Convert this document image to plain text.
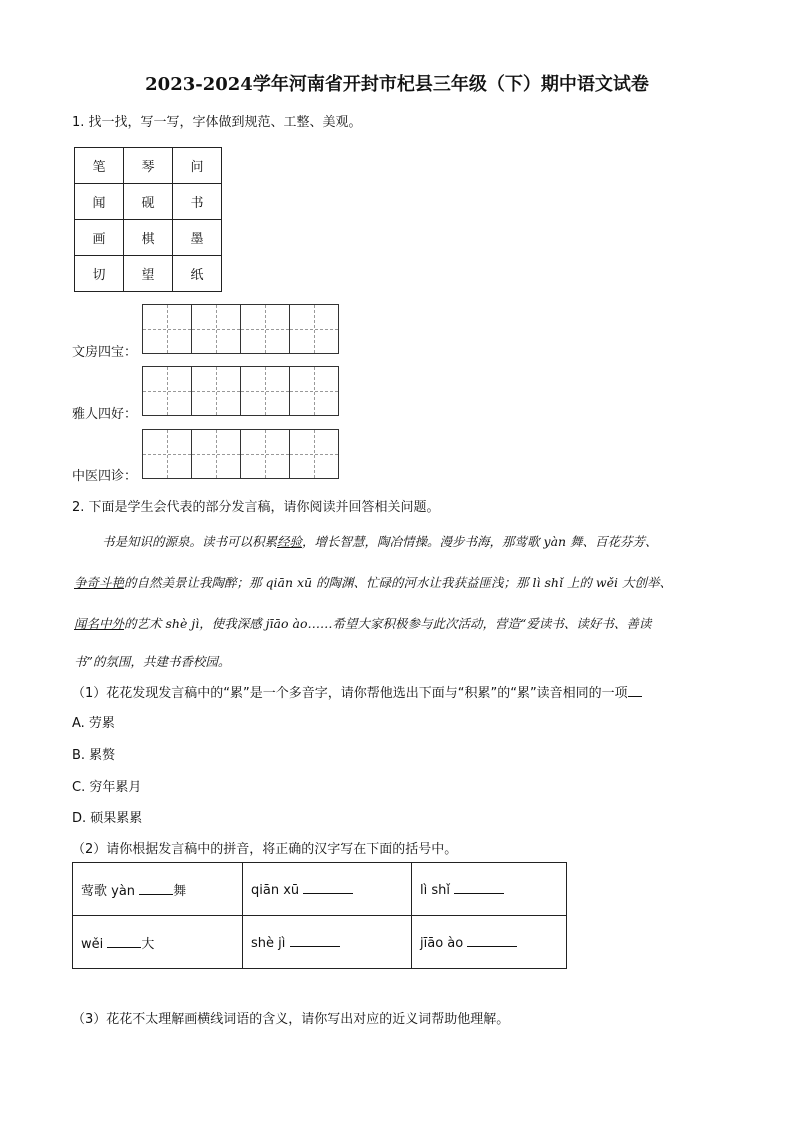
2023-2024学年河南省开封市杞县三年级（下）期中语文试卷
1. 找一找，写一写，字体做到规范、工整、美观。
笔	琴	问
闻	砚	书
画	棋	墨
切	望	纸
文房四宝：
雅人四好：
中医四诊：
2. 下面是学生会代表的部分发言稿，请你阅读并回答相关问题。
书是知识的源泉。读书可以积累经验，增长智慧，陶冶情操。漫步书海，那莺歌 yàn 舞、百花芬芳、
争奇斗艳的自然美景让我陶醉；那 qiān xū 的陶渊、忙碌的河水让我获益匪浅；那 lì shǐ 上的 wěi 大创举、
闻名中外的艺术 shè jì，使我深感 jīāo ào……希望大家积极参与此次活动，营造“爱读书、读好书、善读
书”的氛围，共建书香校园。
（1）花花发现发言稿中的“累”是一个多音字，请你帮他选出下面与“积累”的“累”读音相同的一项
A. 劳累
B. 累赘
C. 穷年累月
D. 硕果累累
（2）请你根据发言稿中的拼音，将正确的汉字写在下面的括号中。
莺歌 yàn 舞	qiān xū	lì shǐ
wěi 大	shè jì	jīāo ào
（3）花花不太理解画横线词语的含义，请你写出对应的近义词帮助他理解。
